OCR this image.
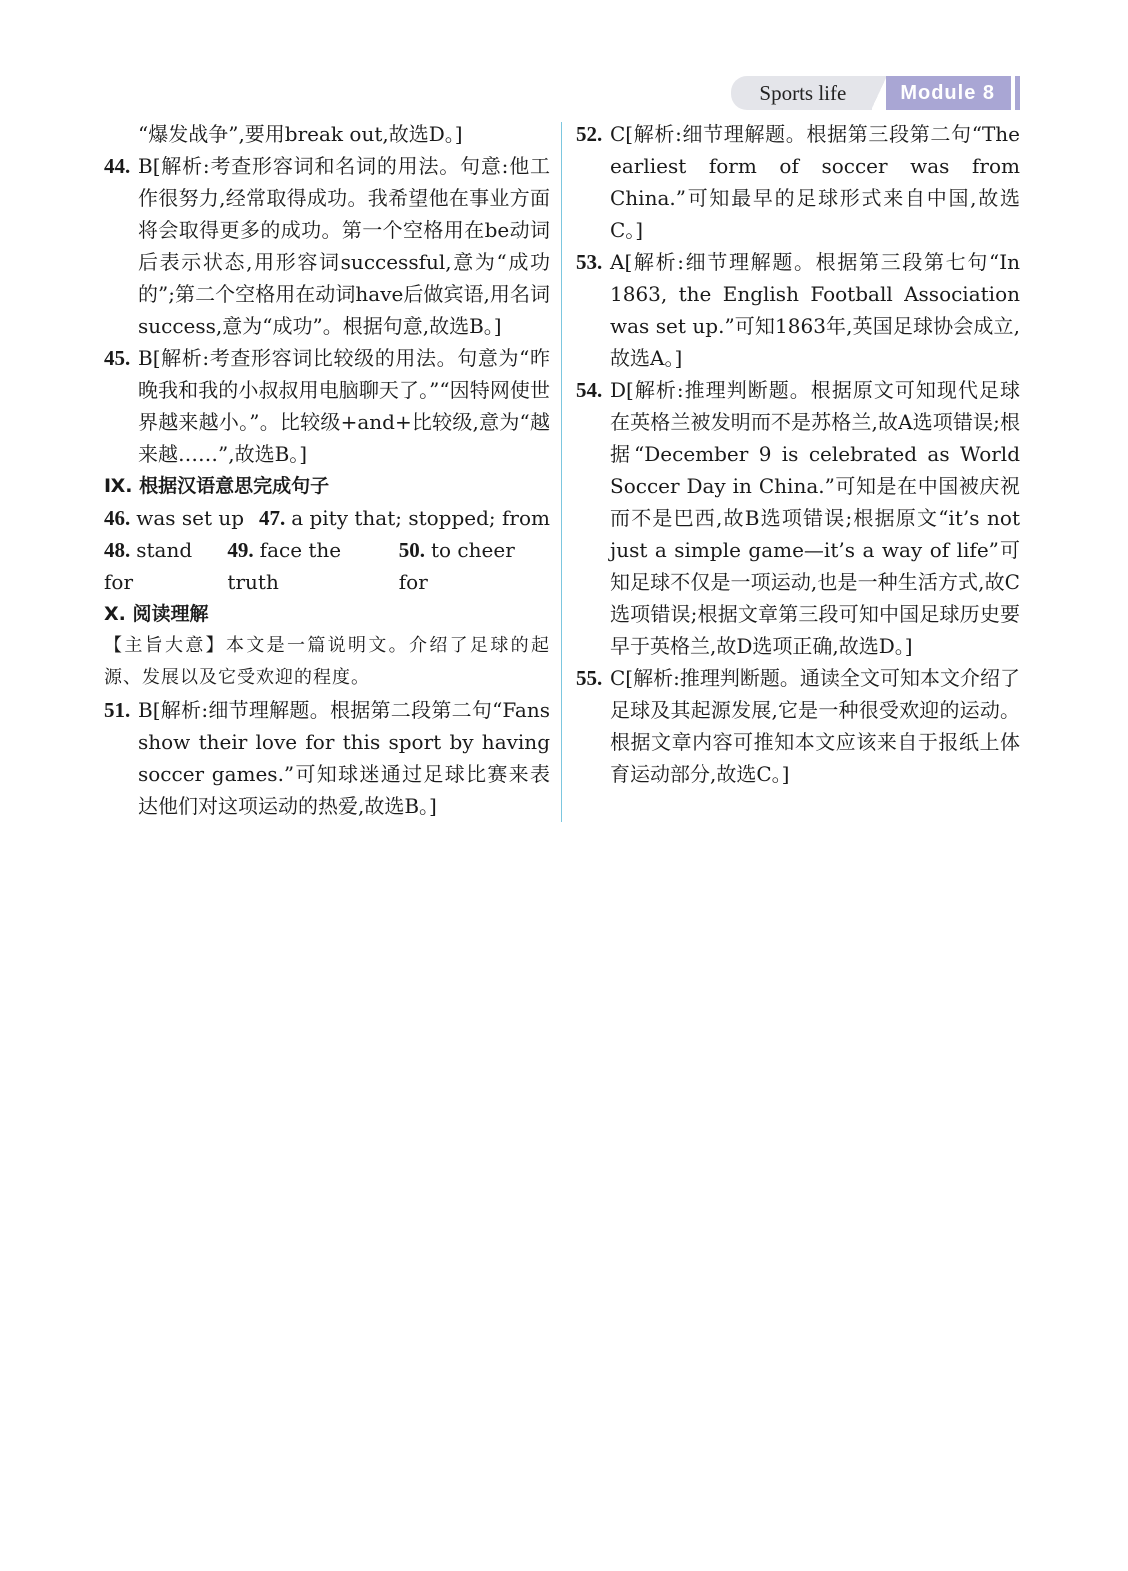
Sports life	Module 8
“爆发战争”,要用break out,故选D。]
44. B[解析:考查形容词和名词的用法。句意:他工作很努力,经常取得成功。我希望他在事业方面将会取得更多的成功。第一个空格用在be动词后表示状态,用形容词successful,意为“成功的”;第二个空格用在动词have后做宾语,用名词success,意为“成功”。根据句意,故选B。]
45. B[解析:考查形容词比较级的用法。句意为“昨晚我和我的小叔叔用电脑聊天了。”“因特网使世界越来越小。”。比较级+and+比较级,意为“越来越……”,故选B。]
Ⅸ. 根据汉语意思完成句子
46. was set up 47. a pity that; stopped; from
48. stand for
49. face the truth
50. to cheer for
Ⅹ. 阅读理解
【主旨大意】本文是一篇说明文。介绍了足球的起源、发展以及它受欢迎的程度。
51. B[解析:细节理解题。根据第二段第二句“Fans show their love for this sport by having soccer games.”可知球迷通过足球比赛来表达他们对这项运动的热爱,故选B。]
52. C[解析:细节理解题。根据第三段第二句“The earliest form of soccer was from China.”可知最早的足球形式来自中国,故选C。]
53. A[解析:细节理解题。根据第三段第七句“In 1863, the English Football Association was set up.”可知1863年,英国足球协会成立,故选A。]
54. D[解析:推理判断题。根据原文可知现代足球在英格兰被发明而不是苏格兰,故A选项错误;根据“December 9 is celebrated as World Soccer Day in China.”可知是在中国被庆祝而不是巴西,故B选项错误;根据原文“it’s not just a simple game—it’s a way of life”可知足球不仅是一项运动,也是一种生活方式,故C选项错误;根据文章第三段可知中国足球历史要早于英格兰,故D选项正确,故选D。]
55. C[解析:推理判断题。通读全文可知本文介绍了足球及其起源发展,它是一种很受欢迎的运动。根据文章内容可推知本文应该来自于报纸上体育运动部分,故选C。]
